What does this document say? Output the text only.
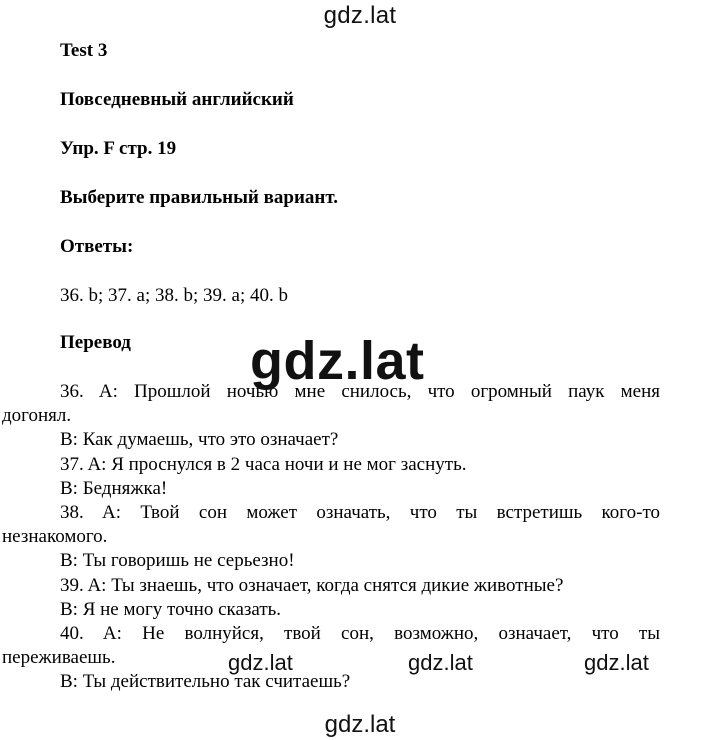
gdz.lat
Test 3
Повседневный английский
Упр. F стр. 19
Выберите правильный вариант.
Ответы:
36. b; 37. a; 38. b; 39. a; 40. b
Перевод
36. A: Прошлой ночью мне снилось, что огромный паук меня
догонял.
B: Как думаешь, что это означает?
37. A: Я проснулся в 2 часа ночи и не мог заснуть.
B: Бедняжка!
38. A: Твой сон может означать, что ты встретишь кого-то
незнакомого.
B: Ты говоришь не серьезно!
39. A: Ты знаешь, что означает, когда снятся дикие животные?
B: Я не могу точно сказать.
40. A: Не волнуйся, твой сон, возможно, означает, что ты
переживаешь.
B: Ты действительно так считаешь?
gdz.lat
gdz.lat	gdz.lat	gdz.lat
gdz.lat
